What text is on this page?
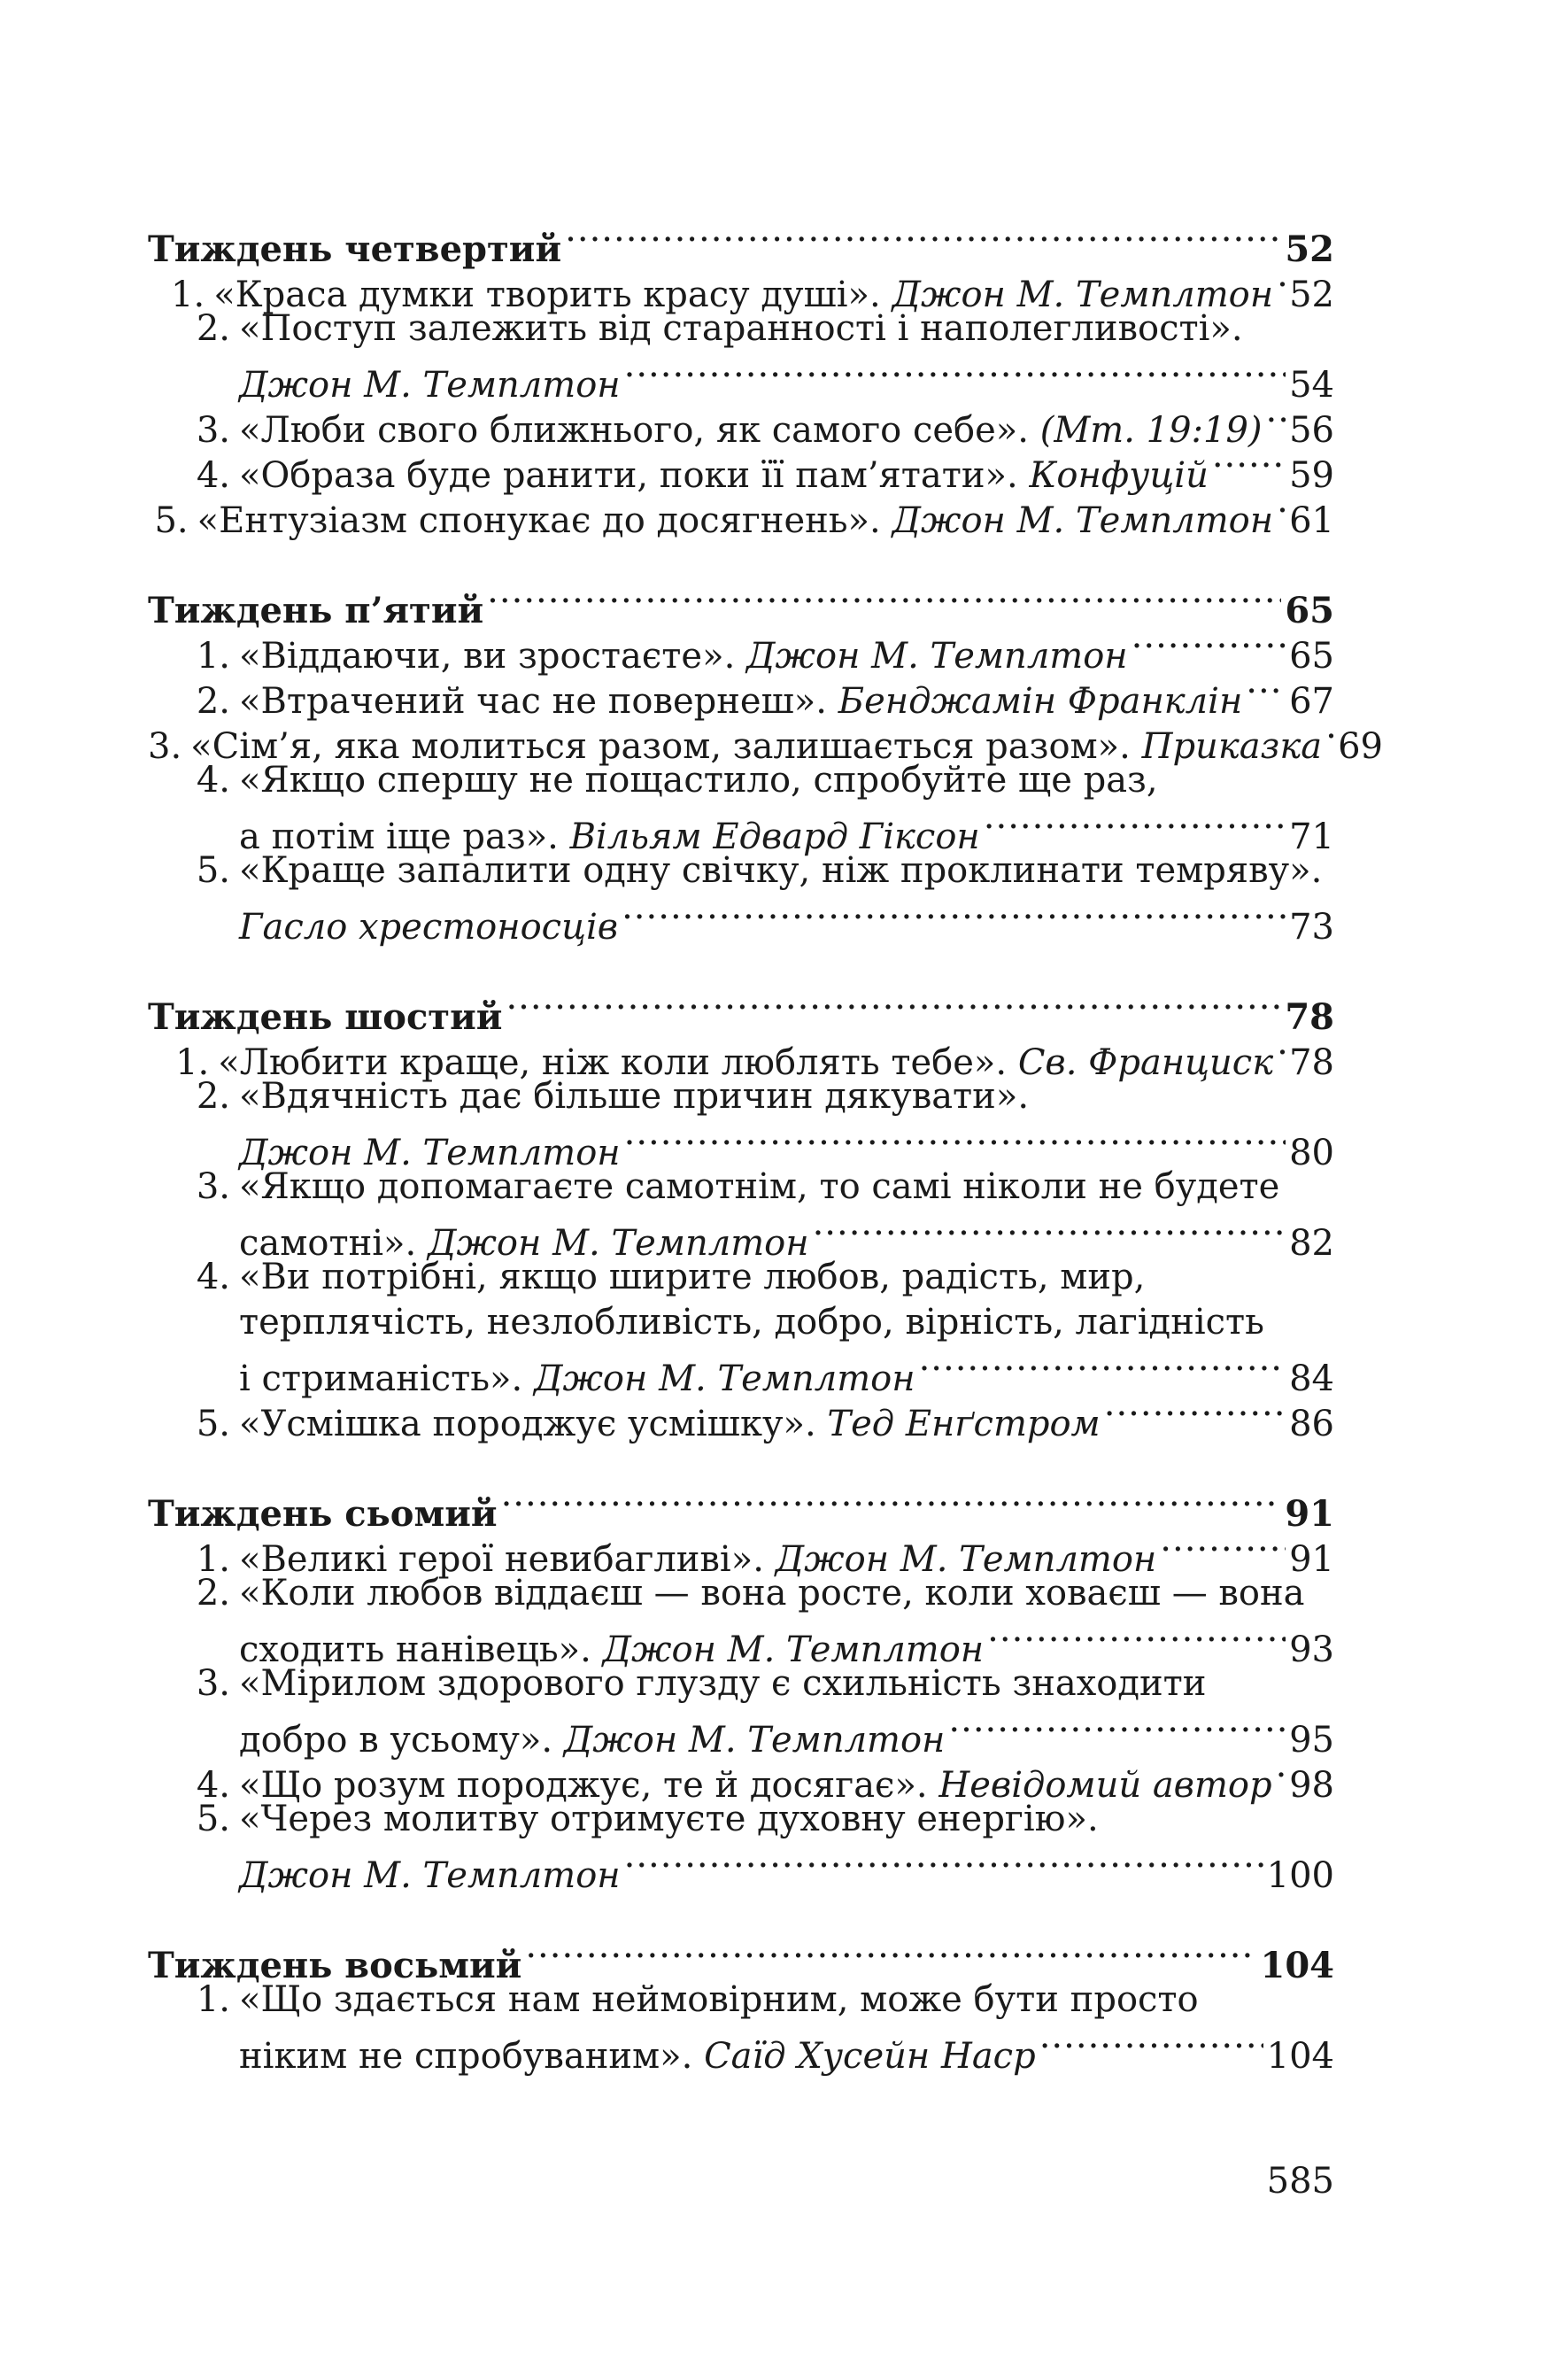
Тиждень четвертий .....	52
1. «Краса думки творить красу душі».
Джон М. Темплтон ..... 52
2. «Поступ залежить від старанності і наполегливості».
Джон М. Темплтон .....	54
3. «Люби свого ближнього, як самого себе».
(Мт. 19:19) ..... 56
4. «Образа буде ранити, поки її пам’ятати».
Конфуцій ..... 59
5. «Ентузіазм спонукає до досягнень».
Джон М. Темплтон ..... 61
Тиждень п’ятий .....	65
1. «Віддаючи, ви зростаєте».
Джон М. Темплтон .....	65
2. «Втрачений час не повернеш».
Бенджамін Франклін ..... 67
3. «Сім’я, яка молиться разом, залишається разом».
Приказка ..... 69
4. «Якщо спершу не пощастило, спробуйте ще раз,
а потім іще раз».
Вільям Едвард Гіксон .....	71
5. «Краще запалити одну свічку, ніж проклинати темряву».
Гасло хрестоносців .....	73
Тиждень шостий .....	78
1. «Любити краще, ніж коли люблять тебе».
Св. Франциск ..... 78
2. «Вдячність дає більше причин дякувати».
Джон М. Темплтон .....	80
3. «Якщо допомагаєте самотнім, то самі ніколи не будете
самотні».
Джон М. Темплтон .....	82
4. «Ви потрібні, якщо ширите любов, радість, мир,
терплячість, незлобливість, добро, вірність, лагідність
і стриманість».
Джон М. Темплтон .....	84
5. «Усмішка породжує усмішку».
Тед Енґстром .....	86
Тиждень сьомий .....	91
1. «Великі герої невибагливі».
Джон М. Темплтон .....	91
2. «Коли любов віддаєш — вона росте, коли ховаєш — вона
сходить нанівець».
Джон М. Темплтон .....	93
3. «Мірилом здорового глузду є схильність знаходити
добро в усьому».
Джон М. Темплтон .....	95
4. «Що розум породжує, те й досягає».
Невідомий автор ..... 98
5. «Через молитву отримуєте духовну енергію».
Джон М. Темплтон .....	100
Тиждень восьмий .....	104
1. «Що здається нам неймовірним, може бути просто
ніким не спробуваним».
Саїд Хусейн Наср .....	104
585
